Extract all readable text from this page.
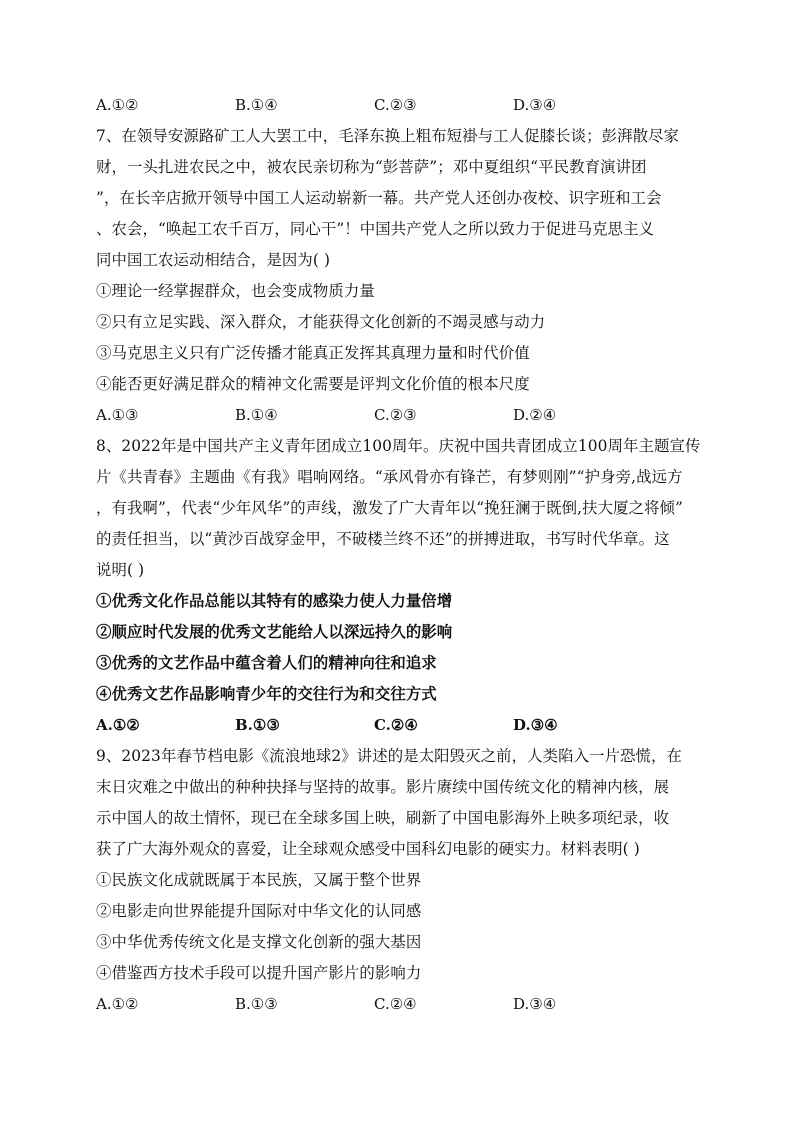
A.①②	B.①④	C.②③	D.③④
7、在领导安源路矿工人大罢工中，毛泽东换上粗布短褂与工人促膝长谈；彭湃散尽家
财，一头扎进农民之中，被农民亲切称为“彭菩萨”；邓中夏组织“平民教育演讲团
”，在长辛店掀开领导中国工人运动崭新一幕。共产党人还创办夜校、识字班和工会
、农会，“唤起工农千百万，同心干”！中国共产党人之所以致力于促进马克思主义
同中国工农运动相结合，是因为( )
①理论一经掌握群众，也会变成物质力量
②只有立足实践、深入群众，才能获得文化创新的不竭灵感与动力
③马克思主义只有广泛传播才能真正发挥其真理力量和时代价值
④能否更好满足群众的精神文化需要是评判文化价值的根本尺度
A.①③	B.①④	C.②③	D.②④
8、2022年是中国共产主义青年团成立100周年。庆祝中国共青团成立100周年主题宣传
片《共青春》主题曲《有我》唱响网络。“承风骨亦有锋芒，有梦则刚”“护身旁,战远方
，有我啊”，代表“少年风华”的声线，激发了广大青年以“挽狂澜于既倒,扶大厦之将倾”
的责任担当，以“黄沙百战穿金甲，不破楼兰终不还”的拼搏进取，书写时代华章。这
说明( )
①优秀文化作品总能以其特有的感染力使人力量倍增
②顺应时代发展的优秀文艺能给人以深远持久的影响
③优秀的文艺作品中蕴含着人们的精神向往和追求
④优秀文艺作品影响青少年的交往行为和交往方式
A.①②	B.①③	C.②④	D.③④
9、2023年春节档电影《流浪地球2》讲述的是太阳毁灭之前，人类陷入一片恐慌，在
末日灾难之中做出的种种抉择与坚持的故事。影片赓续中国传统文化的精神内核，展
示中国人的故土情怀，现已在全球多国上映，刷新了中国电影海外上映多项纪录，收
获了广大海外观众的喜爱，让全球观众感受中国科幻电影的硬实力。材料表明( )
①民族文化成就既属于本民族，又属于整个世界
②电影走向世界能提升国际对中华文化的认同感
③中华优秀传统文化是支撑文化创新的强大基因
④借鉴西方技术手段可以提升国产影片的影响力
A.①②	B.①③	C.②④	D.③④
